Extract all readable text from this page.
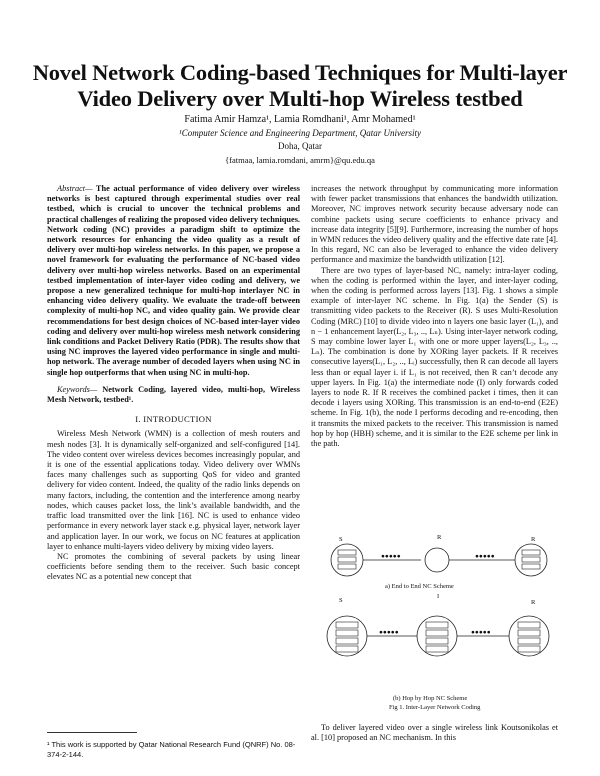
Novel Network Coding-based Techniques for Multi-layer Video Delivery over Multi-hop Wireless testbed
Fatima Amir Hamza¹, Lamia Romdhani¹, Amr Mohamed¹
¹Computer Science and Engineering Department, Qatar University
Doha, Qatar
{fatmaa, lamia.romdani, amrm}@qu.edu.qa

Abstract— The actual performance of video delivery over wireless networks is best captured through experimental studies over real testbed, which is crucial to uncover the technical problems and practical challenges of realizing the proposed video delivery techniques. Network coding (NC) provides a paradigm shift to optimize the network resources for enhancing the video quality as a result of delivery over multi-hop wireless networks. In this paper, we propose a novel framework for evaluating the performance of NC-based video delivery over multi-hop wireless networks. Based on an experimental testbed implementation of inter-layer video coding and delivery, we propose a new generalized technique for multi-hop interlayer NC in enhancing video delivery quality. We evaluate the trade-off between complexity of multi-hop NC, and video quality gain. We provide clear recommendations for best design choices of NC-based inter-layer video coding and delivery over multi-hop wireless mesh network considering link conditions and Packet Delivery Ratio (PDR). The results show that using NC improves the layered video performance in single and multi-hop network. The average number of decoded layers when using NC in single hop outperforms that when using NC in multi-hop.

Keywords— Network Coding, layered video, multi-hop, Wireless Mesh Network, testbed¹.

I. INTRODUCTION

Wireless Mesh Network (WMN) is a collection of mesh routers and mesh nodes [3]. It is dynamically self-organized and self-configured [14]. The video content over wireless devices becomes increasingly popular, and it is one of the essential applications today. Video delivery over WMNs faces many challenges such as supporting QoS for video and granted delivery for video content. Indeed, the quality of the radio links depends on many factors, including, the contention and the interference among nearby nodes, which causes packet loss, the link’s available bandwidth, and the traffic load transmitted over the link [16]. NC is used to enhance video performance in every network layer stack e.g. physical layer, network layer and application layer. In our work, we focus on NC features at application layer to enhance multi-layers video delivery by mixing video layers.

NC promotes the combining of several packets by using linear coefficients before sending them to the receiver. Such basic concept elevates NC as a potential new concept that

increases the network throughput by communicating more information with fewer packet transmissions that enhances the bandwidth utilization. Moreover, NC improves network security because adversary node can combine packets using secure coefficients to enhance privacy and increase data integrity [5][9]. Furthermore, increasing the number of hops in WMN reduces the video delivery quality and the effective date rate [4]. In this regard, NC can also be leveraged to enhance the video delivery performance and maximize the bandwidth utilization [12].

There are two types of layer-based NC, namely: intra-layer coding, when the coding is performed within the layer, and inter-layer coding, when the coding is performed across layers [13]. Fig. 1 shows a simple example of inter-layer NC scheme. In Fig. 1(a) the Sender (S) is transmitting video packets to the Receiver (R). S uses Multi-Resolution Coding (MRC) [10] to divide video into n layers one basic layer (L₁), and n − 1 enhancement layer(L₂, L₃, .., Lₙ). Using inter-layer network coding, S may combine lower layer L₁ with one or more upper layers(L₂, L₃, .., Lₙ). The combination is done by XORing layer packets. If R receives consecutive layers(L₁, L₂, .., Lᵢ) successfully, then R can decode all layers less than or equal layer i. if L₁ is not received, then R can’t decode any upper layers. In Fig. 1(a) the intermediate node (I) only forwards coded layers to node R. If R receives the combined packet i times, then it can decode i layers using XORing. This transmission is an end-to-end (E2E) scheme. In Fig. 1(b), the node I performs decoding and re-encoding, then it transmits the mixed packets to the receiver. This transmission is named hop by hop (HBH) scheme, and it is similar to the E2E scheme per link in the path.

S	R	R
●●●●●	●●●●●
a) End to End NC Scheme
S
I
R
●●●●●	●●●●●
(b) Hop by Hop NC Scheme
Fig 1. Inter-Layer Network Coding
To deliver layered video over a single wireless link Koutsonikolas et al. [10] proposed an NC mechanism. In this
¹ This work is supported by Qatar National Research Fund (QNRF) No. 08-374-2-144.
